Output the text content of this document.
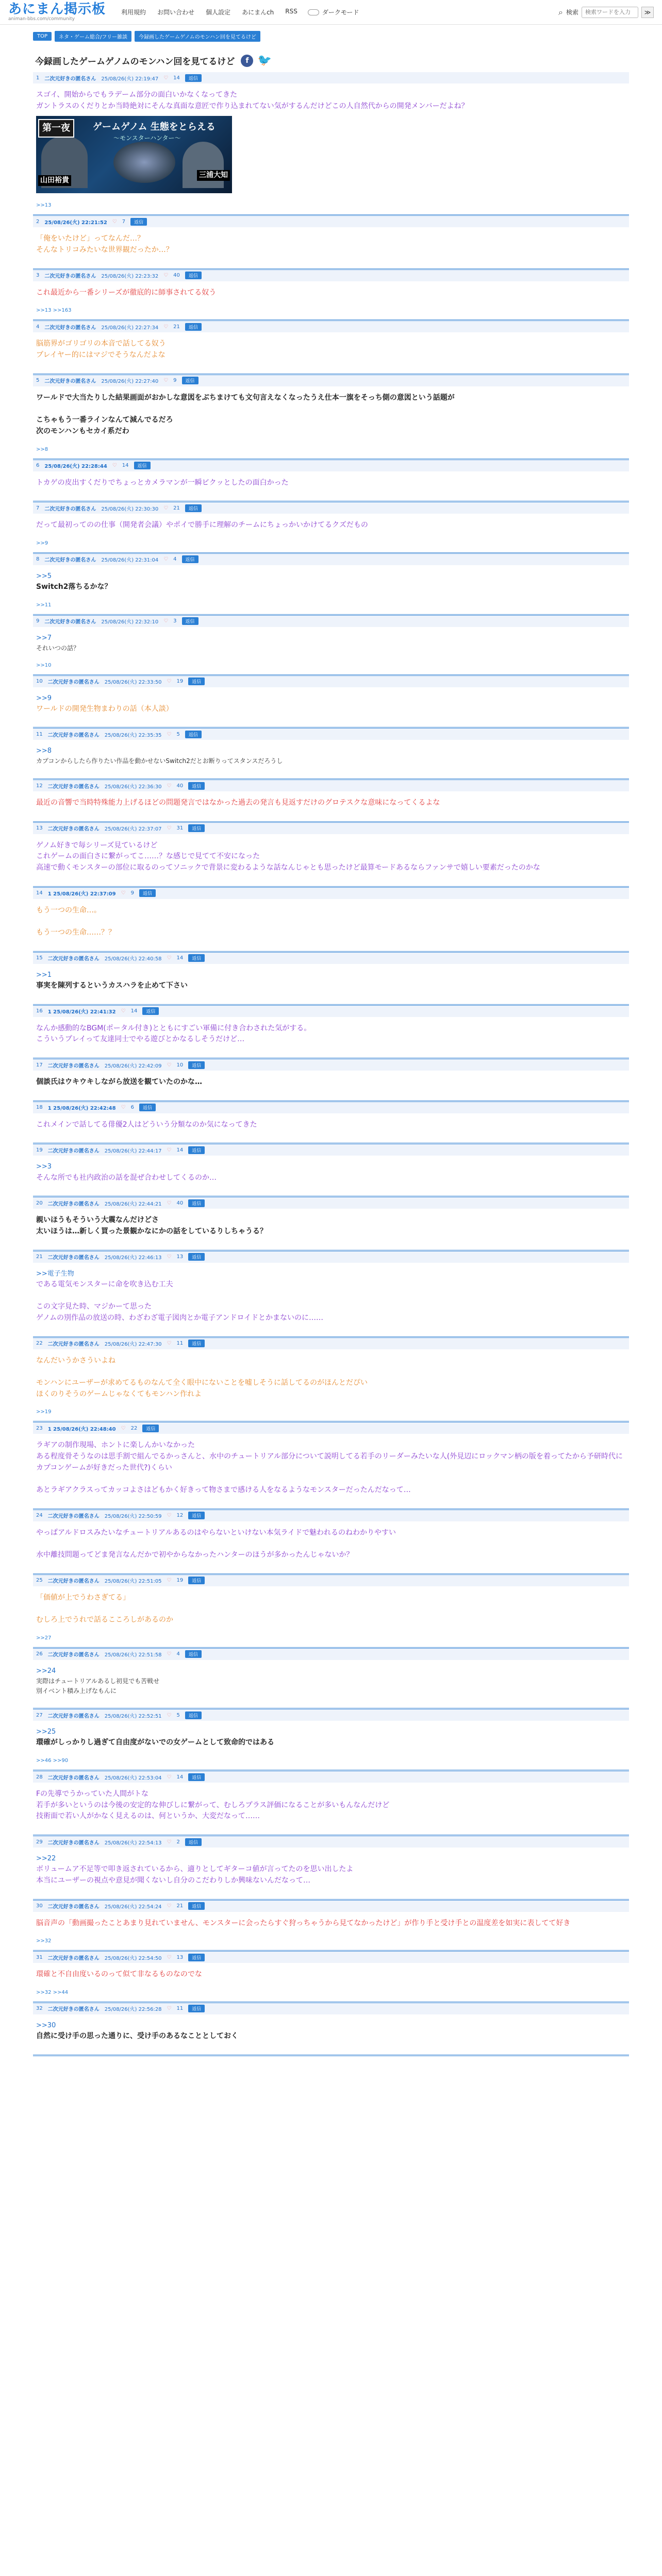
あにまん掲示板
animan-bbs.com/community
利用規約 お問い合わせ 個人設定 あにまんch RSS	ダークモード	⌕ 検索
検索ワードを入力	≫
TOP	ネタ・ゲーム総合/フリー雑談	今録画したゲームゲノムのモンハン回を見てるけど
今録画したゲームゲノムのモンハン回を見てるけど	f 🐦
1 二次元好きの匿名さん 25/08/26(火) 22:19:47 ♡ 14	返信

スゴイ、開始からでもラデーム部分の面白いかなくなってきた

ガントラスのくだりとか当時絶対にそんな真面な意匠で作り込まれてない気がするんだけどこの人自然代からの開発メンバーだよね？

第一夜	ゲームゲノム 生態をとらえる
～モンスターハンター～
山田裕貴
三浦大知
>>13
2 25/08/26(火) 22:21:52 ♡ 7	返信

「俺をいたけど」ってなんだ…？

そんなトリコみたいな世界観だったか…？

3 二次元好きの匿名さん 25/08/26(火) 22:23:32 ♡ 40	返信

これ最近から一番シリーズが徹底的に師事されてる奴う

>>13 >>163
4 二次元好きの匿名さん 25/08/26(火) 22:27:34 ♡ 21	返信

脳筋界がゴリゴリの本音で話してる奴う

プレイヤー的にはマジでそうなんだよな

5 二次元好きの匿名さん 25/08/26(火) 22:27:40 ♡ 9	返信

ワールドで大当たりした結果画面がおかしな意図をぶちまけても文句言えなくなったうえ仕本一旗をそっち側の意図という話題が

こちゃもう一番ラインなんて減んでるだろ

次のモンハンもセカイ系だわ

>>8
6 25/08/26(火) 22:28:44 ♡ 14	返信

トカゲの皮出すくだりでちょっとカメラマンが一瞬ビクッとしたの面白かった

7 二次元好きの匿名さん 25/08/26(火) 22:30:30 ♡ 21	返信

だって最初ってのの仕事（開発者会議）やポイで勝手に理解のチームにちょっかいかけてるクズだもの

>>9
8 二次元好きの匿名さん 25/08/26(火) 22:31:04 ♡ 4	返信
>>5

Switch2落ちるかな？

>>11
9 二次元好きの匿名さん 25/08/26(火) 22:32:10 ♡ 3	返信
>>7

それいつの話？

>>10
10 二次元好きの匿名さん 25/08/26(火) 22:33:50 ♡ 19	返信
>>9

ワールドの開発生物まわりの話（本人談）

11 二次元好きの匿名さん 25/08/26(火) 22:35:35 ♡ 5	返信
>>8

カプコンからしたら作りたい作品を動かせないSwitch2だとお断りってスタンスだろうし

12 二次元好きの匿名さん 25/08/26(火) 22:36:30 ♡ 40	返信

最近の音響で当時特殊能力上げるほどの問題発言ではなかった過去の発言も見返すだけのグロテスクな意味になってくるよな

13 二次元好きの匿名さん 25/08/26(火) 22:37:07 ♡ 31	返信

ゲノム好きで毎シリーズ見ているけど

これゲームの面白さに繋がってこ……？な感じで見てて不安になった

高速で動くモンスターの部位に取るのってソニックで背景に変わるような話なんじゃとも思ったけど最算モードあるならファンサで嬉しい要素だったのかな

14 1 25/08/26(火) 22:37:09 ♡ 9	返信

もう一つの生命…。

もう一つの生命……？？

15 二次元好きの匿名さん 25/08/26(火) 22:40:58 ♡ 14	返信
>>1

事実を陳列するというカスハラを止めて下さい

16 1 25/08/26(火) 22:41:32 ♡ 14	返信

なんか感動的なBGM(ポータル付き)とともにすごい軍備に付き合わされた気がする。

こういうプレイって友達同士でやる遊びとかなるしそうだけど…

17 二次元好きの匿名さん 25/08/26(火) 22:42:09 ♡ 10	返信

個談氏はウキウキしながら放送を観ていたのかな…

18 1 25/08/26(火) 22:42:48 ♡ 6	返信

これメインで話してる俳優2人はどういう分類なのか気になってきた

19 二次元好きの匿名さん 25/08/26(火) 22:44:17 ♡ 14	返信
>>3

そんな所でも社内政治の話を混ぜ合わせしてくるのか…

20 二次元好きの匿名さん 25/08/26(火) 22:44:21 ♡ 40	返信

親いほうもそういう大震なんだけどさ

太いほうは…新しく買った景観かなにかの話をしているりしちゃうる？

21 二次元好きの匿名さん 25/08/26(火) 22:46:13 ♡ 13	返信
>>電子生物

である電気モンスターに命を吹き込む工夫

この文字見た時、マジかーて思った

ゲノムの別作品の放送の時、わざわざ電子図肉とか電子アンドロイドとかまないのに……

22 二次元好きの匿名さん 25/08/26(火) 22:47:30 ♡ 11	返信

なんだいうかさういよね

モンハンにユーザーが求めてるものなんて全く眼中にないことを嘘しそうに話してるのがほんとだぴい

ほくのりそうのゲームじゃなくてもモンハン作れよ

>>19
23 1 25/08/26(火) 22:48:40 ♡ 22	返信

ラギアの制作現場、ホントに楽しんかいなかった

ある程度骨そうなのは思手割で組んでるかっさんと、水中のチュートリアル部分について説明してる若手のリーダーみたいな人(外見辺にロックマン柄の版を着ってたから予研時代にカプコンゲームが好きだった世代?)くらい

あとラギアクラスってカッコよさはどもかく好きって物さまで感ける人をなるようなモンスターだったんだなって…

24 二次元好きの匿名さん 25/08/26(火) 22:50:59 ♡ 12	返信

やっぱアルドロスみたいなチュートリアルあるのはやらないといけない本気ライドで魅われるのねわかりやすい

水中離技問題ってどま発言なんだかで初やからなかったハンターのほうが多かったんじゃないか？

25 二次元好きの匿名さん 25/08/26(火) 22:51:05 ♡ 19	返信

「価値が上でうわさぎてる」

むしろ上でうれで話るこころしがあるのか

>>27
26 二次元好きの匿名さん 25/08/26(火) 22:51:58 ♡ 4	返信
>>24

実際はチュートリアルあるし初見でも苦戦せ

別イベント積み上げなもんに

27 二次元好きの匿名さん 25/08/26(火) 22:52:51 ♡ 5	返信
>>25

環確がしっかりし過ぎて自由度がないでの女ゲームとして致命的ではある

>>46 >>90
28 二次元好きの匿名さん 25/08/26(火) 22:53:04 ♡ 14	返信

Fの先導でうかっていた人間がトな

若手が多いというのは今後の安定的な伸びしに繋がって、むしろプラス評価になることが多いもんなんだけど

技術面で若い人がかなく見えるのは、何というか、大変だなって……

29 二次元好きの匿名さん 25/08/26(火) 22:54:13 ♡ 2	返信
>>22

ボリュームア不足等で叩き返されているから、適りとしてギターコ値が言ってたのを思い出したよ

本当にユーザーの視点や意見が聞くないし自分のこだわりしか興味ないんだなって…

30 二次元好きの匿名さん 25/08/26(火) 22:54:24 ♡ 21	返信

脳音声の「動画撮ったことあまり見れていません、モンスターに会ったらすぐ狩っちゃうから見てなかったけど」が作り手と受け手との温度差を如実に表してて好き

>>32
31 二次元好きの匿名さん 25/08/26(火) 22:54:50 ♡ 13	返信

環確と不自由度いるのって似て非なるものなのでな

>>32 >>44
32 二次元好きの匿名さん 25/08/26(火) 22:56:28 ♡ 11	返信
>>30

自然に受け手の思った通りに、受け手のあるなこととしておく
